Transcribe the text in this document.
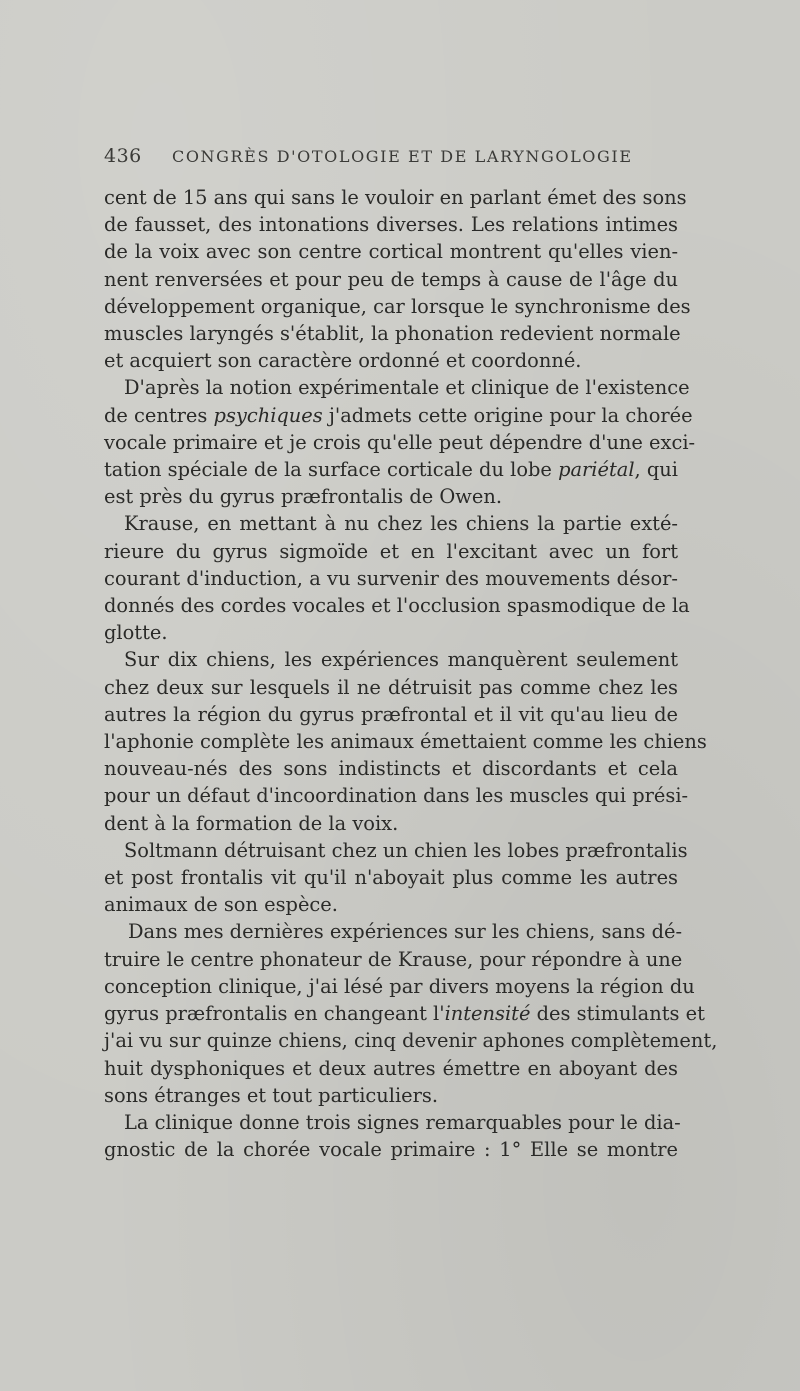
436 CONGRÈS D'OTOLOGIE ET DE LARYNGOLOGIE
cent de 15 ans qui sans le vouloir en parlant émet des sons
de fausset, des intonations diverses. Les relations intimes
de la voix avec son centre cortical montrent qu'elles vien-
nent renversées et pour peu de temps à cause de l'âge du
développement organique, car lorsque le synchronisme des
muscles laryngés s'établit, la phonation redevient normale
et acquiert son caractère ordonné et coordonné.
D'après la notion expérimentale et clinique de l'existence
de centres psychiques j'admets cette origine pour la chorée
vocale primaire et je crois qu'elle peut dépendre d'une exci-
tation spéciale de la surface corticale du lobe pariétal, qui
est près du gyrus præfrontalis de Owen.
Krause, en mettant à nu chez les chiens la partie exté-
rieure du gyrus sigmoïde et en l'excitant avec un fort
courant d'induction, a vu survenir des mouvements désor-
donnés des cordes vocales et l'occlusion spasmodique de la
glotte.
Sur dix chiens, les expériences manquèrent seulement
chez deux sur lesquels il ne détruisit pas comme chez les
autres la région du gyrus præfrontal et il vit qu'au lieu de
l'aphonie complète les animaux émettaient comme les chiens
nouveau-nés des sons indistincts et discordants et cela
pour un défaut d'incoordination dans les muscles qui prési-
dent à la formation de la voix.
Soltmann détruisant chez un chien les lobes præfrontalis
et post frontalis vit qu'il n'aboyait plus comme les autres
animaux de son espèce.
Dans mes dernières expériences sur les chiens, sans dé-
truire le centre phonateur de Krause, pour répondre à une
conception clinique, j'ai lésé par divers moyens la région du
gyrus præfrontalis en changeant l'intensité des stimulants et
j'ai vu sur quinze chiens, cinq devenir aphones complètement,
huit dysphoniques et deux autres émettre en aboyant des
sons étranges et tout particuliers.
La clinique donne trois signes remarquables pour le dia-
gnostic de la chorée vocale primaire : 1° Elle se montre
